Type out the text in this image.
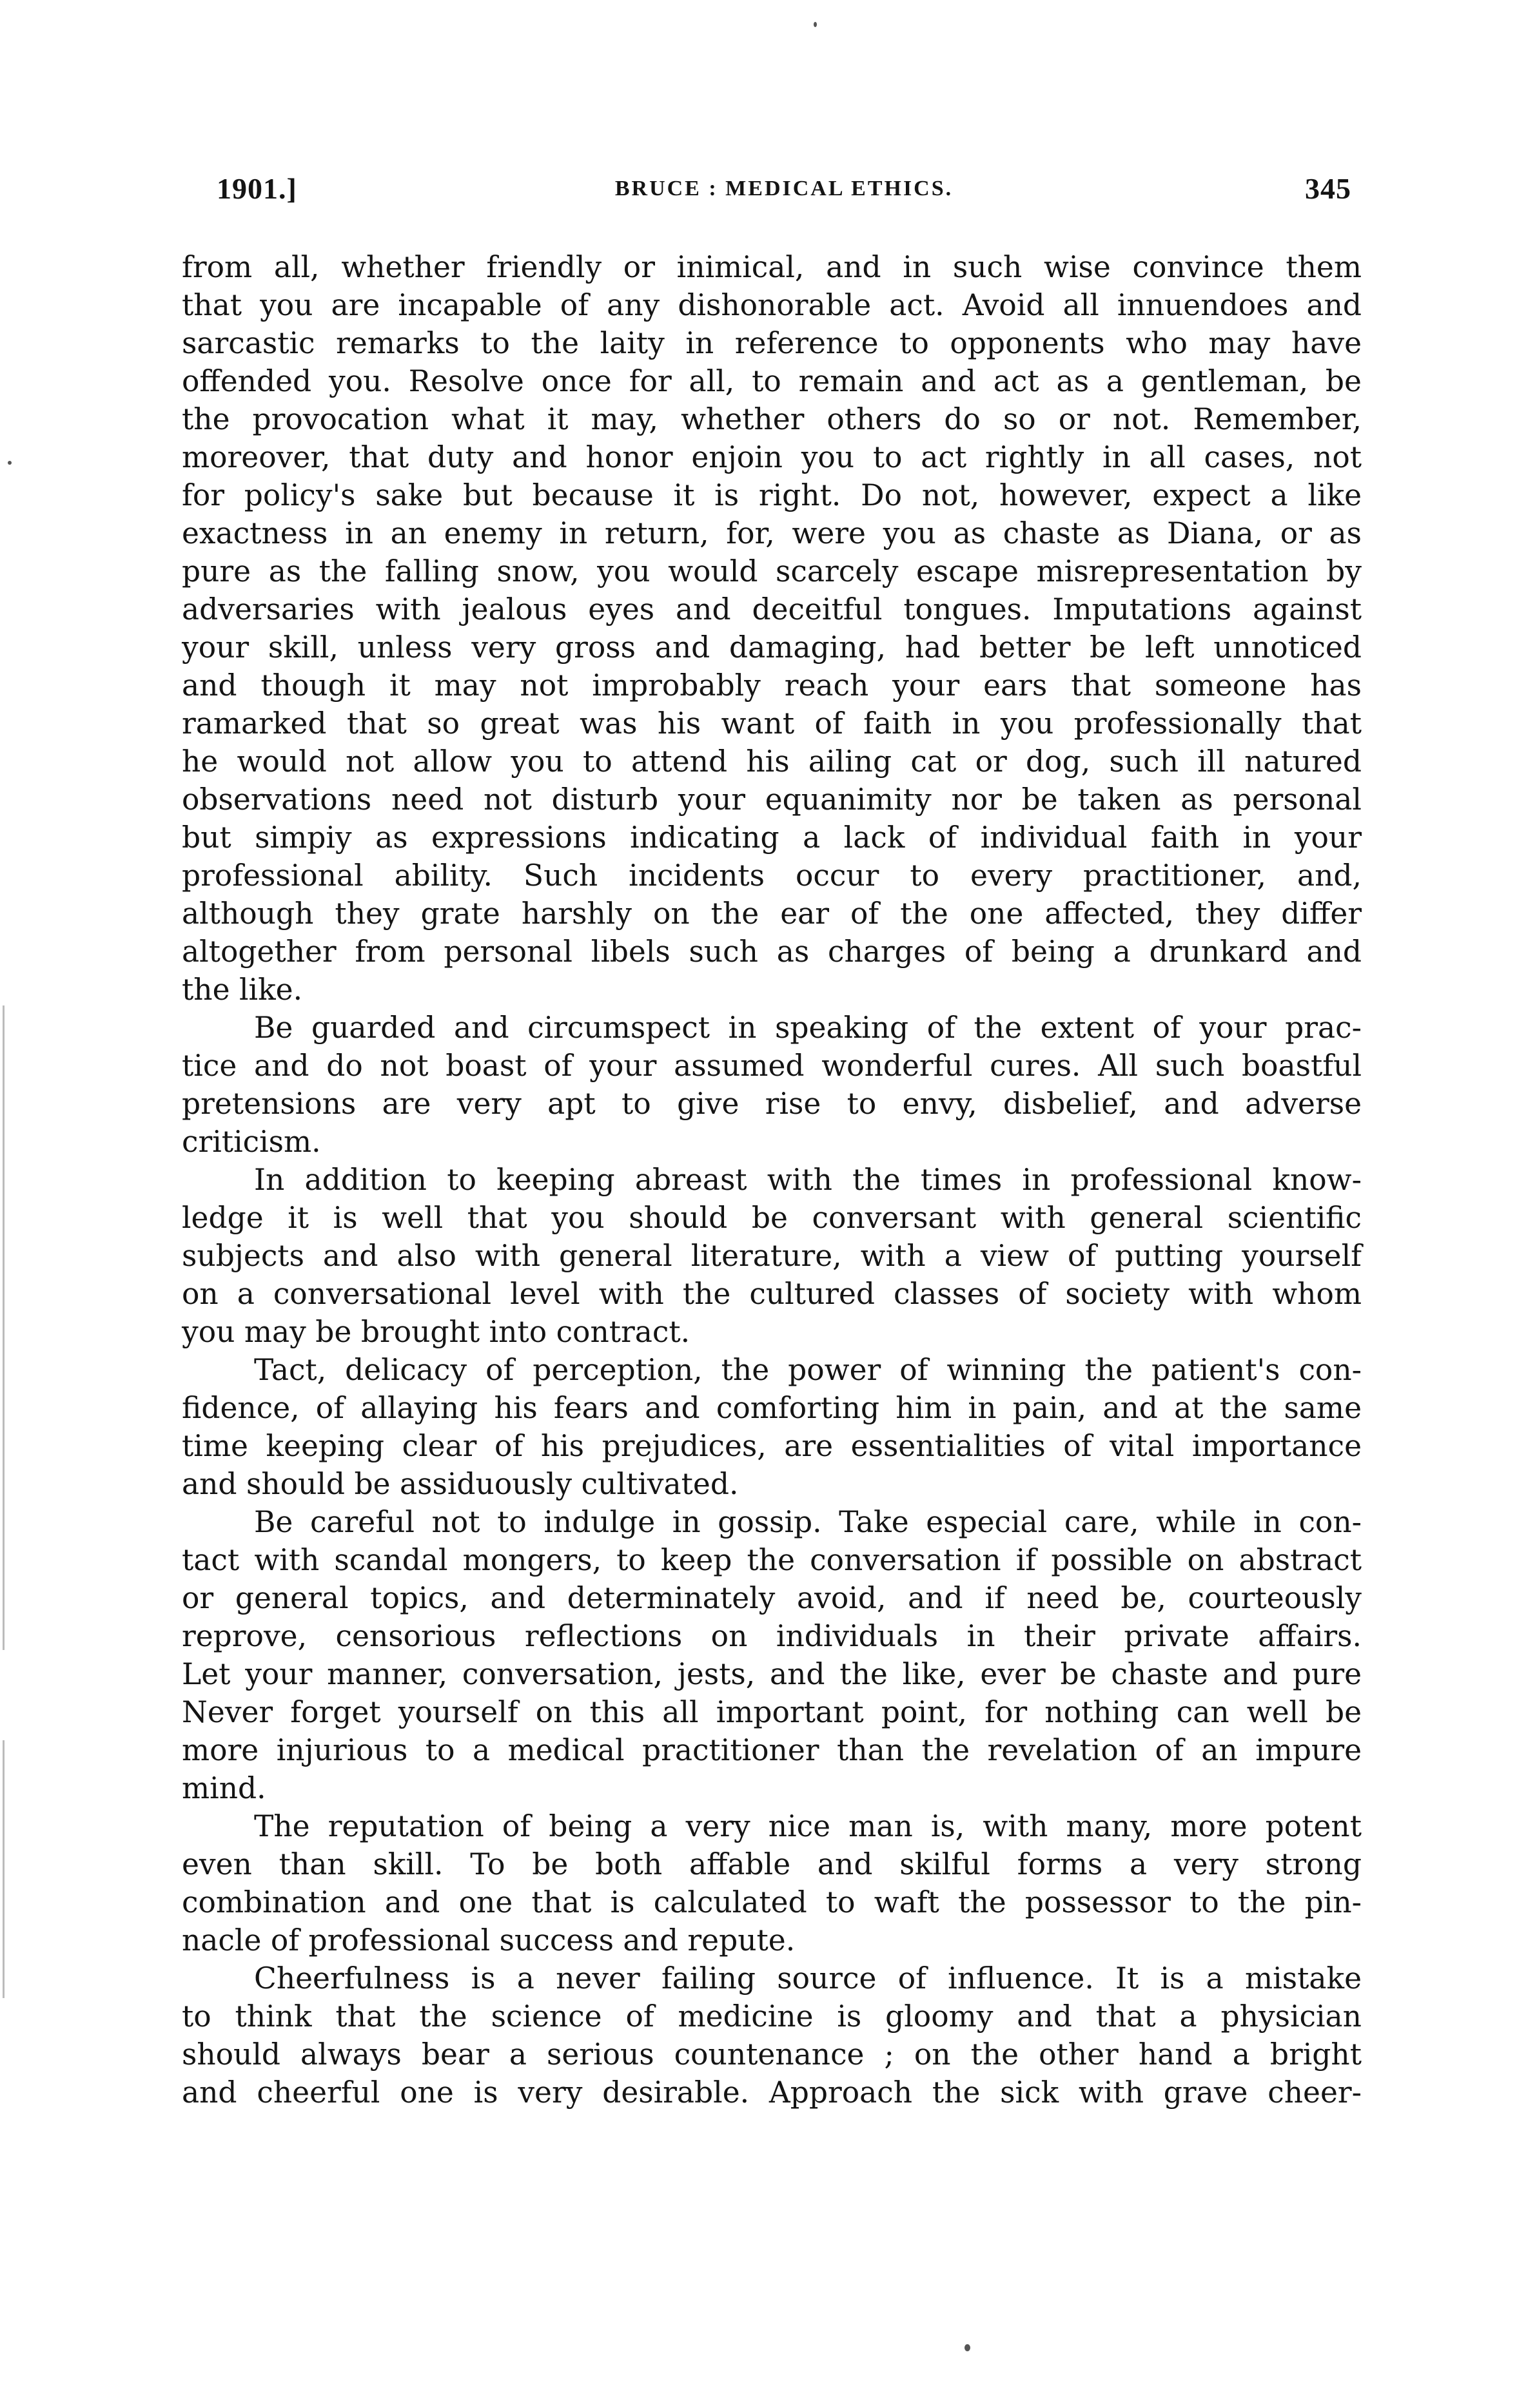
1901.]	BRUCE : MEDICAL ETHICS.	345
from all, whether friendly or inimical, and in such wise convince them
that you are incapable of any dishonorable act. Avoid all innuendoes and
sarcastic remarks to the laity in reference to opponents who may have
offended you. Resolve once for all, to remain and act as a gentleman, be
the provocation what it may, whether others do so or not. Remember,
moreover, that duty and honor enjoin you to act rightly in all cases, not
for policy's sake but because it is right. Do not, however, expect a like
exactness in an enemy in return, for, were you as chaste as Diana, or as
pure as the falling snow, you would scarcely escape misrepresentation by
adversaries with jealous eyes and deceitful tongues. Imputations against
your skill, unless very gross and damaging, had better be left unnoticed
and though it may not improbably reach your ears that someone has
ramarked that so great was his want of faith in you professionally that
he would not allow you to attend his ailing cat or dog, such ill natured
observations need not disturb your equanimity nor be taken as personal
but simpiy as expressions indicating a lack of individual faith in your
professional ability. Such incidents occur to every practitioner, and,
although they grate harshly on the ear of the one affected, they differ
altogether from personal libels such as charges of being a drunkard and
the like.
Be guarded and circumspect in speaking of the extent of your prac-
tice and do not boast of your assumed wonderful cures. All such boastful
pretensions are very apt to give rise to envy, disbelief, and adverse
criticism.
In addition to keeping abreast with the times in professional know-
ledge it is well that you should be conversant with general scientific
subjects and also with general literature, with a view of putting yourself
on a conversational level with the cultured classes of society with whom
you may be brought into contract.
Tact, delicacy of perception, the power of winning the patient's con-
fidence, of allaying his fears and comforting him in pain, and at the same
time keeping clear of his prejudices, are essentialities of vital importance
and should be assiduously cultivated.
Be careful not to indulge in gossip. Take especial care, while in con-
tact with scandal mongers, to keep the conversation if possible on abstract
or general topics, and determinately avoid, and if need be, courteously
reprove, censorious reflections on individuals in their private affairs.
Let your manner, conversation, jests, and the like, ever be chaste and pure
Never forget yourself on this all important point, for nothing can well be
more injurious to a medical practitioner than the revelation of an impure
mind.
The reputation of being a very nice man is, with many, more potent
even than skill. To be both affable and skilful forms a very strong
combination and one that is calculated to waft the possessor to the pin-
nacle of professional success and repute.
Cheerfulness is a never failing source of influence. It is a mistake
to think that the science of medicine is gloomy and that a physician
should always bear a serious countenance ; on the other hand a bright
and cheerful one is very desirable. Approach the sick with grave cheer-
